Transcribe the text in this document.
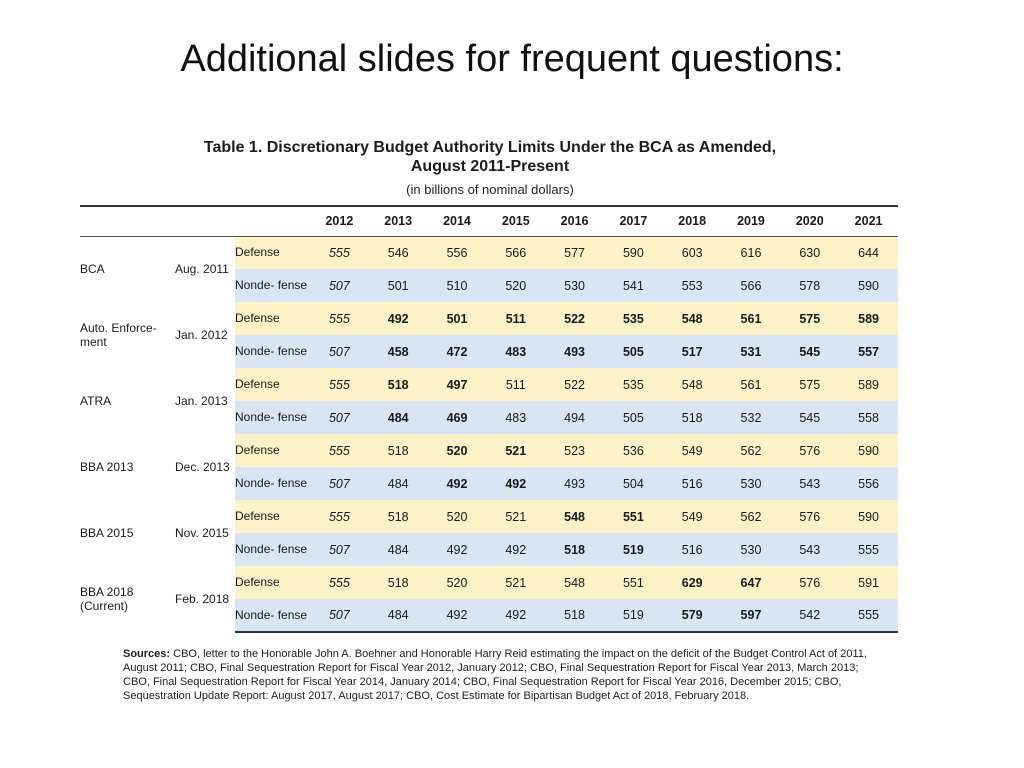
Additional slides for frequent questions:
Table 1. Discretionary Budget Authority Limits Under the BCA as Amended,
August 2011-Present
(in billions of nominal dollars)
			2012	2013	2014	2015	2016	2017	2018	2019	2020	2021
BCA	Aug. 2011	Defense	555	546	556	566	577	590	603	616	630	644
		Nonde- fense	507	501	510	520	530	541	553	566	578	590
Auto. Enforce- ment	Jan. 2012	Defense	555	492	501	511	522	535	548	561	575	589
		Nonde- fense	507	458	472	483	493	505	517	531	545	557
ATRA	Jan. 2013	Defense	555	518	497	511	522	535	548	561	575	589
		Nonde- fense	507	484	469	483	494	505	518	532	545	558
BBA 2013	Dec. 2013	Defense	555	518	520	521	523	536	549	562	576	590
		Nonde- fense	507	484	492	492	493	504	516	530	543	556
BBA 2015	Nov. 2015	Defense	555	518	520	521	548	551	549	562	576	590
		Nonde- fense	507	484	492	492	518	519	516	530	543	555
BBA 2018 (Current)	Feb. 2018	Defense	555	518	520	521	548	551	629	647	576	591
		Nonde- fense	507	484	492	492	518	519	579	597	542	555
Sources: CBO, letter to the Honorable John A. Boehner and Honorable Harry Reid estimating the impact on the deficit of the Budget Control Act of 2011, August 2011; CBO, Final Sequestration Report for Fiscal Year 2012, January 2012; CBO, Final Sequestration Report for Fiscal Year 2013, March 2013; CBO, Final Sequestration Report for Fiscal Year 2014, January 2014; CBO, Final Sequestration Report for Fiscal Year 2016, December 2015; CBO, Sequestration Update Report: August 2017, August 2017; CBO, Cost Estimate for Bipartisan Budget Act of 2018, February 2018.
